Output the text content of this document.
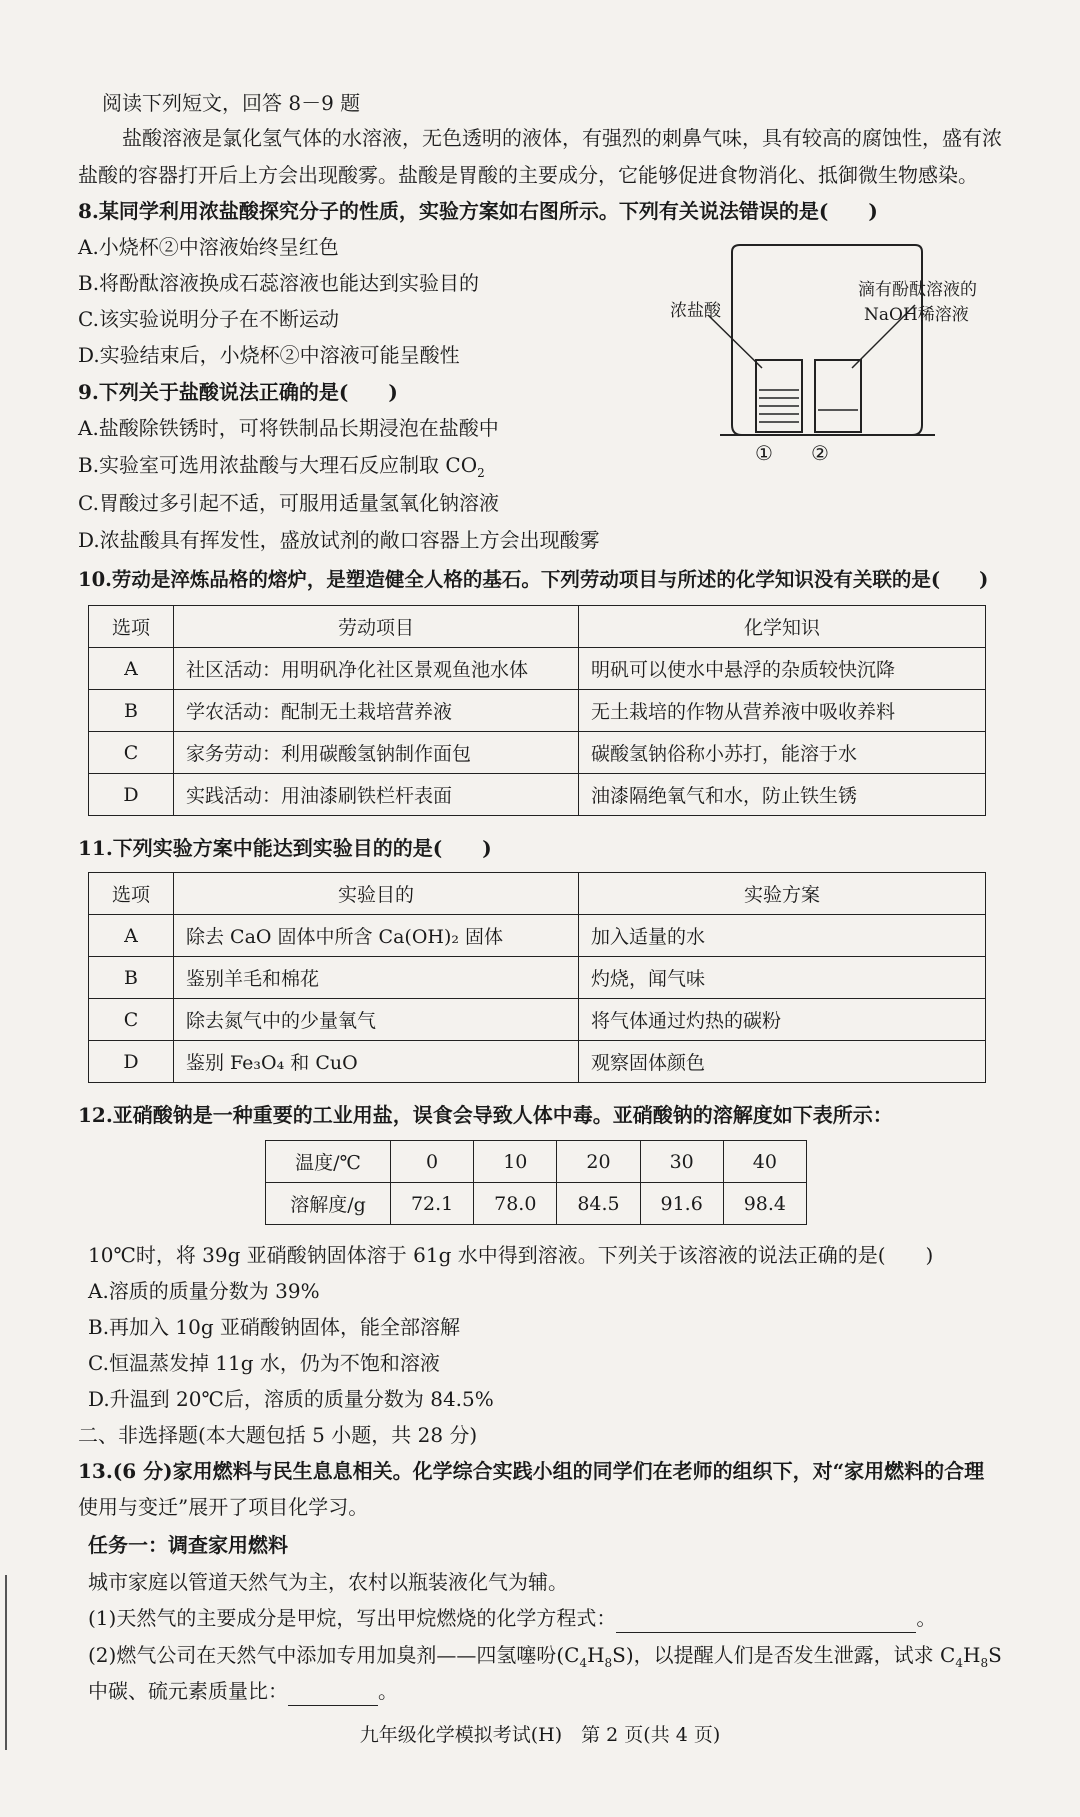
阅读下列短文，回答 8－9 题
盐酸溶液是氯化氢气体的水溶液，无色透明的液体，有强烈的刺鼻气味，具有较高的腐蚀性，盛有浓盐酸的容器打开后上方会出现酸雾。盐酸是胃酸的主要成分，它能够促进食物消化、抵御微生物感染。
8.某同学利用浓盐酸探究分子的性质，实验方案如右图所示。下列有关说法错误的是(　　)
A.小烧杯②中溶液始终呈红色
B.将酚酞溶液换成石蕊溶液也能达到实验目的
C.该实验说明分子在不断运动
D.实验结束后，小烧杯②中溶液可能呈酸性
浓盐酸
滴有酚酞溶液的
NaOH稀溶液
① ②
9.下列关于盐酸说法正确的是(　　)
A.盐酸除铁锈时，可将铁制品长期浸泡在盐酸中
B.实验室可选用浓盐酸与大理石反应制取 $CO_2$
C.胃酸过多引起不适，可服用适量氢氧化钠溶液
D.浓盐酸具有挥发性，盛放试剂的敞口容器上方会出现酸雾
10.劳动是淬炼品格的熔炉，是塑造健全人格的基石。下列劳动项目与所述的化学知识没有关联的是(　　)
选项	劳动项目	化学知识
A	社区活动：用明矾净化社区景观鱼池水体	明矾可以使水中悬浮的杂质较快沉降
B	学农活动：配制无土栽培营养液	无土栽培的作物从营养液中吸收养料
C	家务劳动：利用碳酸氢钠制作面包	碳酸氢钠俗称小苏打，能溶于水
D	实践活动：用油漆刷铁栏杆表面	油漆隔绝氧气和水，防止铁生锈
11.下列实验方案中能达到实验目的的是(　　)
选项	实验目的	实验方案
A	除去 CaO 固体中所含 Ca(OH)₂ 固体	加入适量的水
B	鉴别羊毛和棉花	灼烧，闻气味
C	除去氮气中的少量氧气	将气体通过灼热的碳粉
D	鉴别 Fe₃O₄ 和 CuO	观察固体颜色
12.亚硝酸钠是一种重要的工业用盐，误食会导致人体中毒。亚硝酸钠的溶解度如下表所示：
温度/℃	0	10	20	30	40
溶解度/g	72.1	78.0	84.5	91.6	98.4
10℃时，将 39g 亚硝酸钠固体溶于 61g 水中得到溶液。下列关于该溶液的说法正确的是(　　)
A.溶质的质量分数为 39%
B.再加入 10g 亚硝酸钠固体，能全部溶解
C.恒温蒸发掉 11g 水，仍为不饱和溶液
D.升温到 20℃后，溶质的质量分数为 84.5%
二、非选择题(本大题包括 5 小题，共 28 分)
13.(6 分)家用燃料与民生息息相关。化学综合实践小组的同学们在老师的组织下，对“家用燃料的合理
使用与变迁”展开了项目化学习。
任务一：调查家用燃料
城市家庭以管道天然气为主，农村以瓶装液化气为辅。
(1)天然气的主要成分是甲烷，写出甲烷燃烧的化学方程式：	。
(2)燃气公司在天然气中添加专用加臭剂——四氢噻吩$(C_4H_8S)$，以提醒人们是否发生泄露，试求 $C_4H_8S$
中碳、硫元素质量比：	。
九年级化学模拟考试(H)　第 2 页(共 4 页)
